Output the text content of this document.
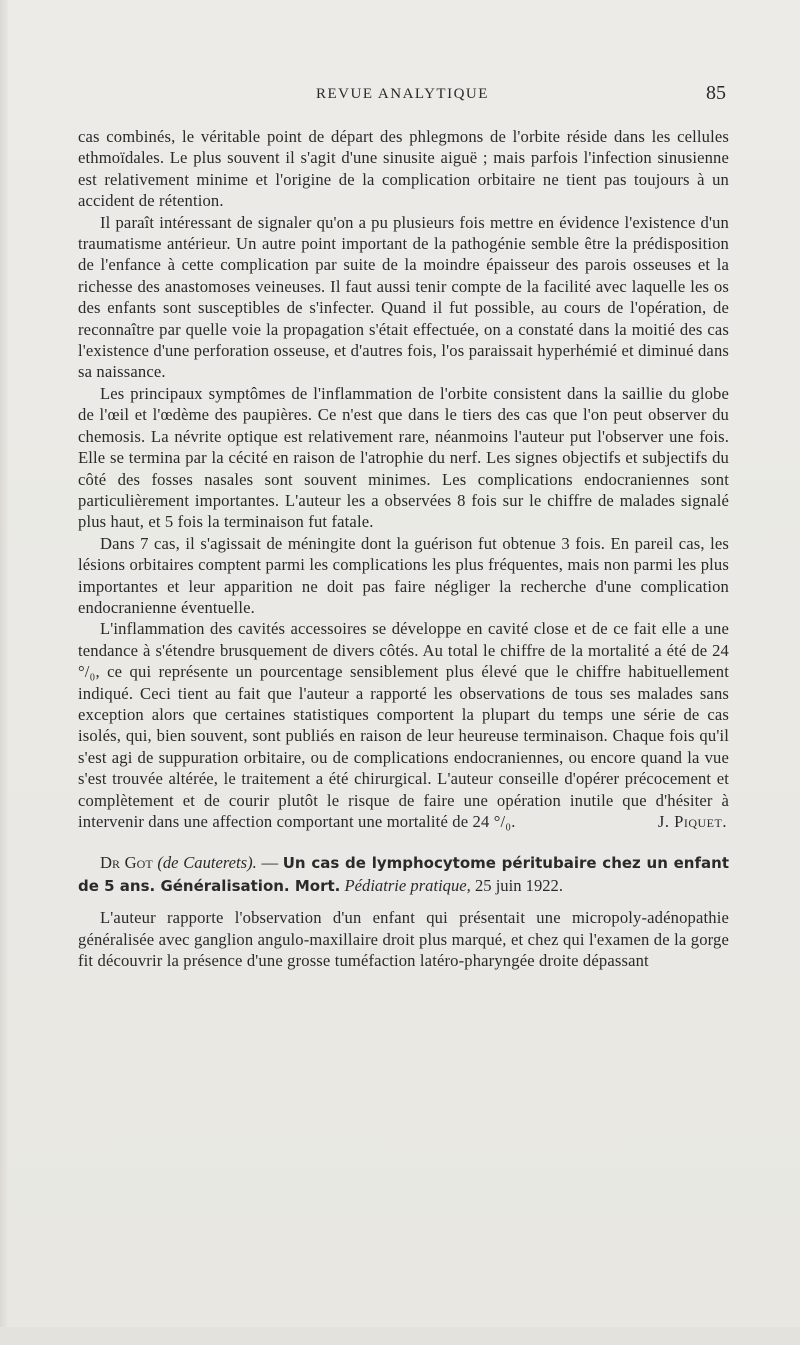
REVUE ANALYTIQUE	85

cas combinés, le véritable point de départ des phlegmons de l'orbite réside dans les cellules ethmoïdales. Le plus souvent il s'agit d'une sinusite aiguë ; mais parfois l'infection sinusienne est relativement minime et l'origine de la complication orbitaire ne tient pas toujours à un accident de rétention.

Il paraît intéressant de signaler qu'on a pu plusieurs fois mettre en évidence l'existence d'un traumatisme antérieur. Un autre point important de la pathogénie semble être la prédisposition de l'enfance à cette complication par suite de la moindre épaisseur des parois osseuses et la richesse des anastomoses veineuses. Il faut aussi tenir compte de la facilité avec laquelle les os des enfants sont susceptibles de s'infecter. Quand il fut possible, au cours de l'opération, de reconnaître par quelle voie la propagation s'était effectuée, on a constaté dans la moitié des cas l'existence d'une perforation osseuse, et d'autres fois, l'os paraissait hyperhémié et diminué dans sa naissance.

Les principaux symptômes de l'inflammation de l'orbite consistent dans la saillie du globe de l'œil et l'œdème des paupières. Ce n'est que dans le tiers des cas que l'on peut observer du chemosis. La névrite optique est relativement rare, néanmoins l'auteur put l'observer une fois. Elle se termina par la cécité en raison de l'atrophie du nerf. Les signes objectifs et subjectifs du côté des fosses nasales sont souvent minimes. Les complications endocraniennes sont particulièrement importantes. L'auteur les a observées 8 fois sur le chiffre de malades signalé plus haut, et 5 fois la terminaison fut fatale.

Dans 7 cas, il s'agissait de méningite dont la guérison fut obtenue 3 fois. En pareil cas, les lésions orbitaires comptent parmi les complications les plus fréquentes, mais non parmi les plus importantes et leur apparition ne doit pas faire négliger la recherche d'une complication endocranienne éventuelle.

L'inflammation des cavités accessoires se développe en cavité close et de ce fait elle a une tendance à s'étendre brusquement de divers côtés. Au total le chiffre de la mortalité a été de 24 °/₀, ce qui représente un pourcentage sensiblement plus élevé que le chiffre habituellement indiqué. Ceci tient au fait que l'auteur a rapporté les observations de tous ses malades sans exception alors que certaines statistiques comportent la plupart du temps une série de cas isolés, qui, bien souvent, sont publiés en raison de leur heureuse terminaison. Chaque fois qu'il s'est agi de suppuration orbitaire, ou de complications endocraniennes, ou encore quand la vue s'est trouvée altérée, le traitement a été chirurgical. L'auteur conseille d'opérer précocement et complètement et de courir plutôt le risque de faire une opération inutile que d'hésiter à intervenir dans une affection comportant une mortalité de 24 °/₀.	J. Piquet.

Dr Got (de Cauterets). — Un cas de lymphocytome péritubaire chez un enfant de 5 ans. Généralisation. Mort. Pédiatrie pratique, 25 juin 1922.

L'auteur rapporte l'observation d'un enfant qui présentait une micropoly-adénopathie généralisée avec ganglion angulo-maxillaire droit plus marqué, et chez qui l'examen de la gorge fit découvrir la présence d'une grosse tuméfaction latéro-pharyngée droite dépassant
